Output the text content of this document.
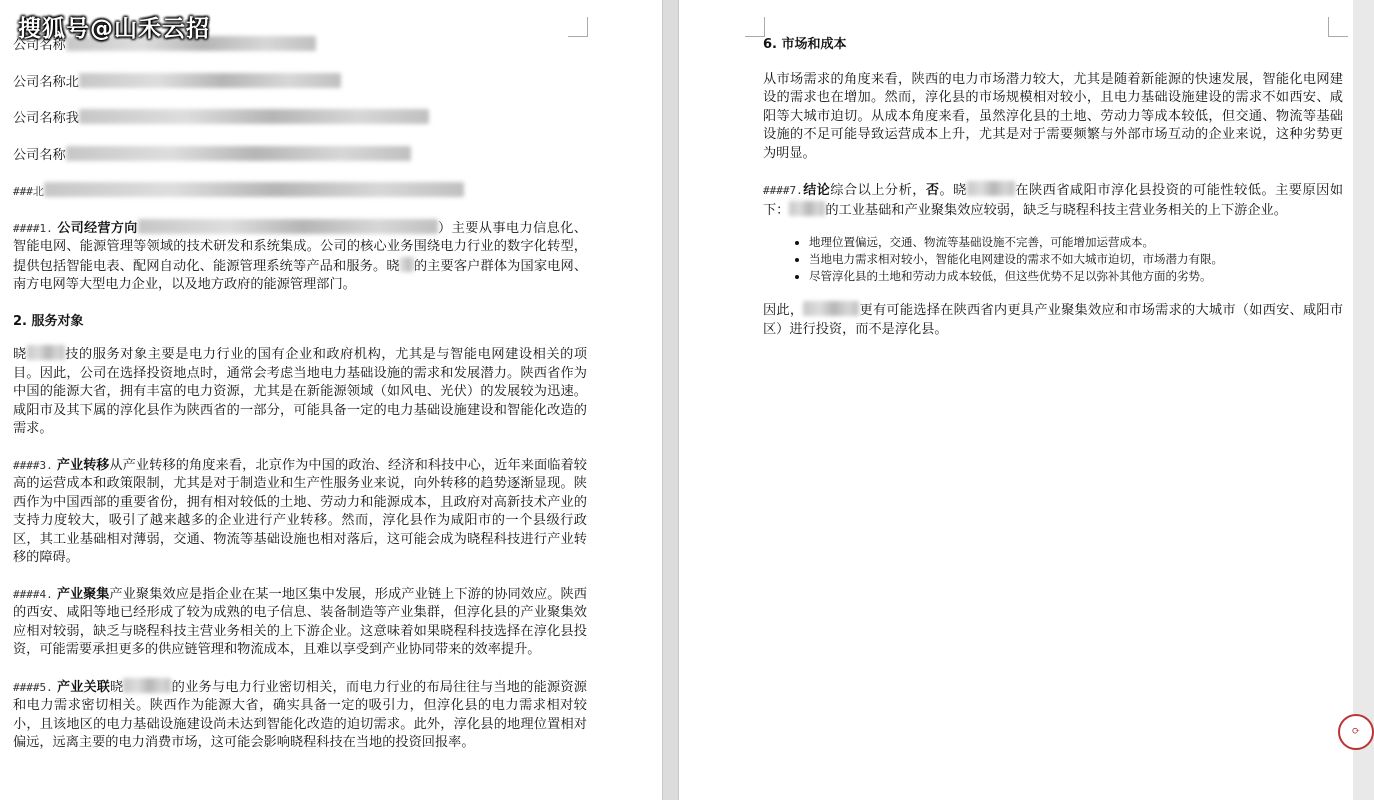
公司名称

公司名称北

公司名称我

公司名称

###北

####1. 公司经营方向	）主要从事电力信息化、智能电网、能源管理等领域的技术研发和系统集成。公司的核心业务围绕电力行业的数字化转型，提供包括智能电表、配网自动化、能源管理系统等产品和服务。晓 的主要客户群体为国家电网、南方电网等大型电力企业，以及地方政府的能源管理部门。

2. 服务对象

晓	技的服务对象主要是电力行业的国有企业和政府机构，尤其是与智能电网建设相关的项目。因此，公司在选择投资地点时，通常会考虑当地电力基础设施的需求和发展潜力。陕西省作为中国的能源大省，拥有丰富的电力资源，尤其是在新能源领域（如风电、光伏）的发展较为迅速。咸阳市及其下属的淳化县作为陕西省的一部分，可能具备一定的电力基础设施建设和智能化改造的需求。

####3. 产业转移从产业转移的角度来看，北京作为中国的政治、经济和科技中心，近年来面临着较高的运营成本和政策限制，尤其是对于制造业和生产性服务业来说，向外转移的趋势逐渐显现。陕西作为中国西部的重要省份，拥有相对较低的土地、劳动力和能源成本，且政府对高新技术产业的支持力度较大，吸引了越来越多的企业进行产业转移。然而，淳化县作为咸阳市的一个县级行政区，其工业基础相对薄弱，交通、物流等基础设施也相对落后，这可能会成为晓程科技进行产业转移的障碍。

####4. 产业聚集产业聚集效应是指企业在某一地区集中发展，形成产业链上下游的协同效应。陕西的西安、咸阳等地已经形成了较为成熟的电子信息、装备制造等产业集群，但淳化县的产业聚集效应相对较弱，缺乏与晓程科技主营业务相关的上下游企业。这意味着如果晓程科技选择在淳化县投资，可能需要承担更多的供应链管理和物流成本，且难以享受到产业协同带来的效率提升。

####5. 产业关联晓	的业务与电力行业密切相关，而电力行业的布局往往与当地的能源资源和电力需求密切相关。陕西作为能源大省，确实具备一定的吸引力，但淳化县的电力需求相对较小，且该地区的电力基础设施建设尚未达到智能化改造的迫切需求。此外，淳化县的地理位置相对偏远，远离主要的电力消费市场，这可能会影响晓程科技在当地的投资回报率。

6. 市场和成本

从市场需求的角度来看，陕西的电力市场潜力较大，尤其是随着新能源的快速发展，智能化电网建设的需求也在增加。然而，淳化县的市场规模相对较小，且电力基础设施建设的需求不如西安、咸阳等大城市迫切。从成本角度来看，虽然淳化县的土地、劳动力等成本较低，但交通、物流等基础设施的不足可能导致运营成本上升，尤其是对于需要频繁与外部市场互动的企业来说，这种劣势更为明显。

####7.结论综合以上分析，否。晓	在陕西省咸阳市淳化县投资的可能性较低。主要原因如下：	的工业基础和产业聚集效应较弱，缺乏与晓程科技主营业务相关的上下游企业。

• 地理位置偏远，交通、物流等基础设施不完善，可能增加运营成本。
• 当地电力需求相对较小，智能化电网建设的需求不如大城市迫切，市场潜力有限。
• 尽管淳化县的土地和劳动力成本较低，但这些优势不足以弥补其他方面的劣势。

因此，	更有可能选择在陕西省内更具产业聚集效应和市场需求的大城市（如西安、咸阳市区）进行投资，而不是淳化县。

搜狐号@山禾云招
⟳
